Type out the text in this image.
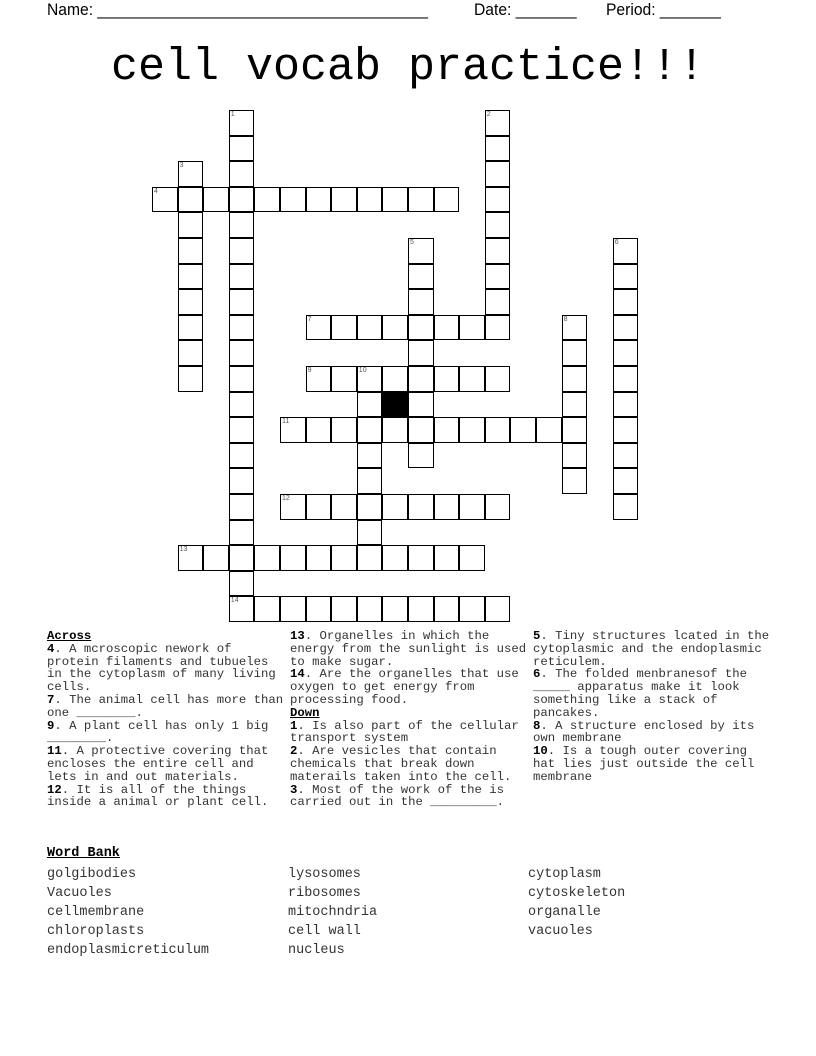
Name: ______________________________________	Date: _______ Period: _______
cell vocab practice!!!
1
14
2
3
4
5	6
7	8
9	10
11
12
13
Across
4. A mcroscopic nework of protein filaments and tubueles in the cytoplasm of many living cells.
7. The animal cell has more than one ________.
9. A plant cell has only 1 big ________.
11. A protective covering that encloses the entire cell and lets in and out materials.
12. It is all of the things inside a animal or plant cell.
13. Organelles in which the energy from the sunlight is used to make sugar.
14. Are the organelles that use oxygen to get energy from processing food.
Down
1. Is also part of the cellular transport system
2. Are vesicles that contain chemicals that break down materails taken into the cell.
3. Most of the work of the is carried out in the _________.
5. Tiny structures lcated in the cytoplasmic and the endoplasmic reticulem.
6. The folded menbranesof the _____ apparatus make it look something like a stack of pancakes.
8. A structure enclosed by its own membrane
10. Is a tough outer covering hat lies just outside the cell membrane
Word Bank
golgibodies
Vacuoles
cellmembrane
chloroplasts
endoplasmicreticulum
lysosomes
ribosomes
mitochndria
cell wall
nucleus
cytoplasm
cytoskeleton
organalle
vacuoles
